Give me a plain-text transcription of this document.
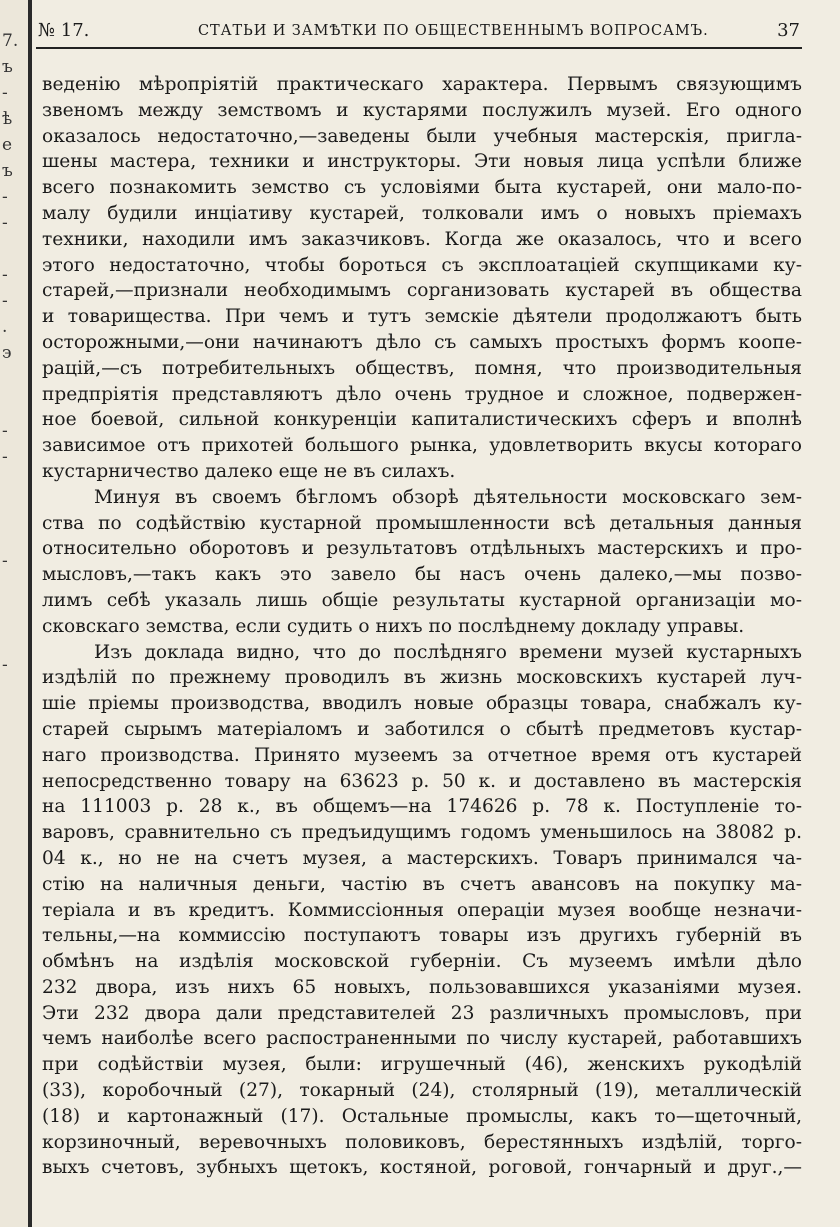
7.
ъ
-
ѣ
е
ъ
-
-
-
-
.
э
-
-
-
-
№ 17.	СТАТЬИ И ЗАМѢТКИ ПО ОБЩЕСТВЕННЫМЪ ВОПРОСАМЪ.	37
веденію мѣропріятій практическаго характера. Первымъ связующимъ
звеномъ между земствомъ и кустарями послужилъ музей. Его одного
оказалось недостаточно,—заведены были учебныя мастерскія, пригла-
шены мастера, техники и инструкторы. Эти новыя лица успѣли ближе
всего познакомить земство съ условіями быта кустарей, они мало-по-
малу будили инціативу кустарей, толковали имъ о новыхъ пріемахъ
техники, находили имъ заказчиковъ. Когда же оказалось, что и всего
этого недостаточно, чтобы бороться съ эксплоатаціей скупщиками ку-
старей,—признали необходимымъ сорганизовать кустарей въ общества
и товарищества. При чемъ и тутъ земскіе дѣятели продолжаютъ быть
осторожными,—они начинаютъ дѣло съ самыхъ простыхъ формъ коопе-
рацій,—съ потребительныхъ обществъ, помня, что производительныя
предпріятія представляютъ дѣло очень трудное и сложное, подвержен-
ное боевой, сильной конкуренціи капиталистическихъ сферъ и вполнѣ
зависимое отъ прихотей большого рынка, удовлетворить вкусы котораго
кустарничество далеко еще не въ силахъ.
Минуя въ своемъ бѣгломъ обзорѣ дѣятельности московскаго зем-
ства по содѣйствію кустарной промышленности всѣ детальныя данныя
относительно оборотовъ и результатовъ отдѣльныхъ мастерскихъ и про-
мысловъ,—такъ какъ это завело бы насъ очень далеко,—мы позво-
лимъ себѣ указаль лишь общіе результаты кустарной организаціи мо-
сковскаго земства, если судить о нихъ по послѣднему докладу управы.
Изъ доклада видно, что до послѣдняго времени музей кустарныхъ
издѣлій по прежнему проводилъ въ жизнь московскихъ кустарей луч-
шіе пріемы производства, вводилъ новые образцы товара, снабжалъ ку-
старей сырымъ матеріаломъ и заботился о сбытѣ предметовъ кустар-
наго производства. Принято музеемъ за отчетное время отъ кустарей
непосредственно товару на 63623 р. 50 к. и доставлено въ мастерскія
на 111003 р. 28 к., въ общемъ—на 174626 р. 78 к. Поступленіе то-
варовъ, сравнительно съ предъидущимъ годомъ уменьшилось на 38082 р.
04 к., но не на счетъ музея, а мастерскихъ. Товаръ принимался ча-
стію на наличныя деньги, частію въ счетъ авансовъ на покупку ма-
теріала и въ кредитъ. Коммиссіонныя операціи музея вообще незначи-
тельны,—на коммиссію поступаютъ товары изъ другихъ губерній въ
обмѣнъ на издѣлія московской губерніи. Съ музеемъ имѣли дѣло
232 двора, изъ нихъ 65 новыхъ, пользовавшихся указаніями музея.
Эти 232 двора дали представителей 23 различныхъ промысловъ, при
чемъ наиболѣе всего распостраненными по числу кустарей, работавшихъ
при содѣйствіи музея, были: игрушечный (46), женскихъ рукодѣлій
(33), коробочный (27), токарный (24), столярный (19), металлическій
(18) и картонажный (17). Остальные промыслы, какъ то—щеточный,
корзиночный, веревочныхъ половиковъ, берестянныхъ издѣлій, торго-
выхъ счетовъ, зубныхъ щетокъ, костяной, роговой, гончарный и друг.,—
